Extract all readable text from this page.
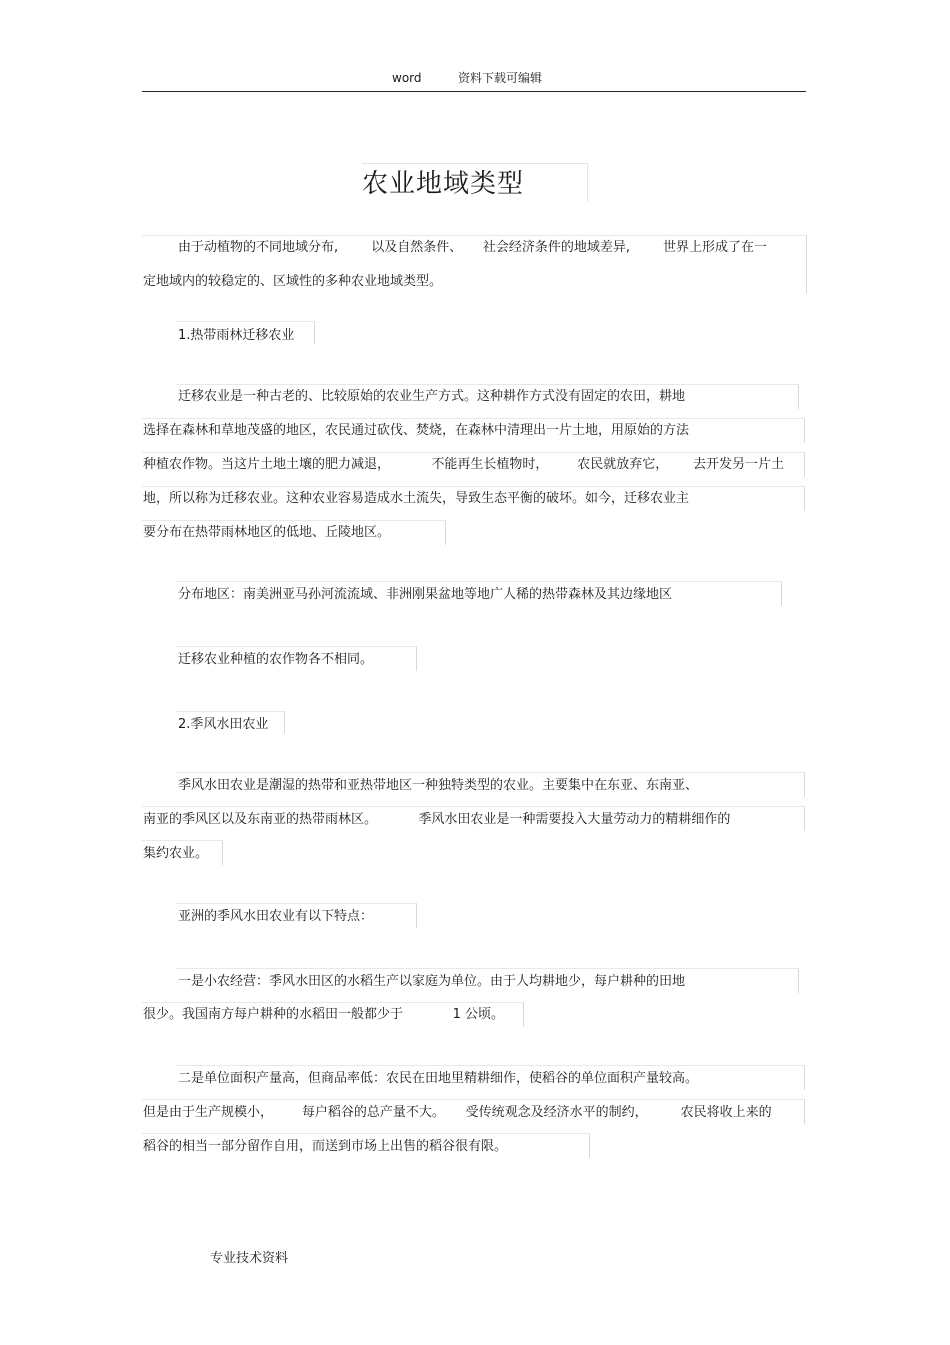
word	资料下载可编辑
农业地域类型
由于动植物的不同地域分布,        以及自然条件、     社会经济条件的地域差异,        世界上形成了在一
定地域内的较稳定的、区域性的多种农业地域类型。
1.热带雨林迁移农业
迁移农业是一种古老的、比较原始的农业生产方式。这种耕作方式没有固定的农田，耕地
选择在森林和草地茂盛的地区，农民通过砍伐、焚烧，在森林中清理出一片土地，用原始的方法
种植农作物。当这片土地土壤的肥力减退，          不能再生长植物时，       农民就放弃它，      去开发另一片土
地，所以称为迁移农业。这种农业容易造成水土流失，导致生态平衡的破坏。如今，迁移农业主
要分布在热带雨林地区的低地、丘陵地区。
分布地区：南美洲亚马孙河流流域、非洲刚果盆地等地广人稀的热带森林及其边缘地区
迁移农业种植的农作物各不相同。
2.季风水田农业
季风水田农业是潮湿的热带和亚热带地区一种独特类型的农业。主要集中在东亚、东南亚、
南亚的季风区以及东南亚的热带雨林区。          季风水田农业是一种需要投入大量劳动力的精耕细作的
集约农业。
亚洲的季风水田农业有以下特点：
一是小农经营：季风水田区的水稻生产以家庭为单位。由于人均耕地少，每户耕种的田地
很少。我国南方每户耕种的水稻田一般都少于            1 公顷。
二是单位面积产量高，但商品率低：农民在田地里精耕细作，使稻谷的单位面积产量较高。
但是由于生产规模小，       每户稻谷的总产量不大。     受传统观念及经济水平的制约，        农民将收上来的
稻谷的相当一部分留作自用，而送到市场上出售的稻谷很有限。
专业技术资料
